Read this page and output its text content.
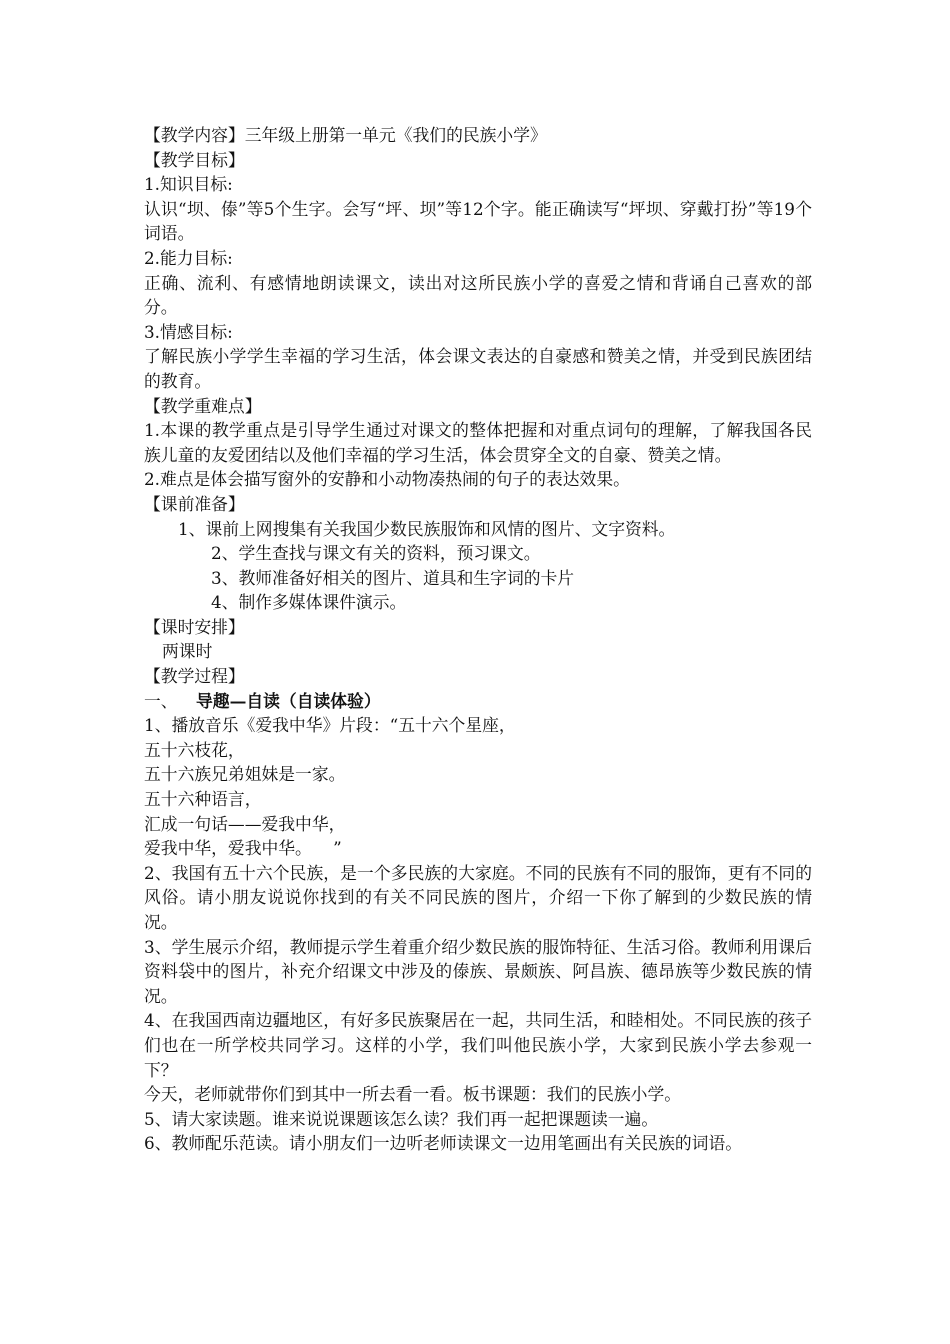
【教学内容】三年级上册第一单元《我们的民族小学》
【教学目标】
1.知识目标:
认识“坝、傣”等5个生字。会写“坪、坝”等12个字。能正确读写“坪坝、穿戴打扮”等19个词语。
2.能力目标:
正确、流利、有感情地朗读课文，读出对这所民族小学的喜爱之情和背诵自己喜欢的部分。
3.情感目标:
了解民族小学学生幸福的学习生活，体会课文表达的自豪感和赞美之情，并受到民族团结的教育。
【教学重难点】
1.本课的教学重点是引导学生通过对课文的整体把握和对重点词句的理解，了解我国各民族儿童的友爱团结以及他们幸福的学习生活，体会贯穿全文的自豪、赞美之情。
2.难点是体会描写窗外的安静和小动物凑热闹的句子的表达效果。
【课前准备】
1、课前上网搜集有关我国少数民族服饰和风情的图片、文字资料。
2、学生查找与课文有关的资料，预习课文。
3、教师准备好相关的图片、道具和生字词的卡片
4、制作多媒体课件演示。
【课时安排】
两课时
【教学过程】
一、 导趣—自读（自读体验）
1、播放音乐《爱我中华》片段：“五十六个星座，
五十六枝花，
五十六族兄弟姐妹是一家。
五十六种语言，
汇成一句话——爱我中华，
爱我中华，爱我中华。    ”
2、我国有五十六个民族，是一个多民族的大家庭。不同的民族有不同的服饰，更有不同的风俗。请小朋友说说你找到的有关不同民族的图片，介绍一下你了解到的少数民族的情况。
3、学生展示介绍，教师提示学生着重介绍少数民族的服饰特征、生活习俗。教师利用课后资料袋中的图片，补充介绍课文中涉及的傣族、景颇族、阿昌族、德昂族等少数民族的情况。
4、在我国西南边疆地区，有好多民族聚居在一起，共同生活，和睦相处。不同民族的孩子们也在一所学校共同学习。这样的小学，我们叫他民族小学，大家到民族小学去参观一下？
今天，老师就带你们到其中一所去看一看。板书课题：我们的民族小学。
5、请大家读题。谁来说说课题该怎么读？我们再一起把课题读一遍。
6、教师配乐范读。请小朋友们一边听老师读课文一边用笔画出有关民族的词语。
